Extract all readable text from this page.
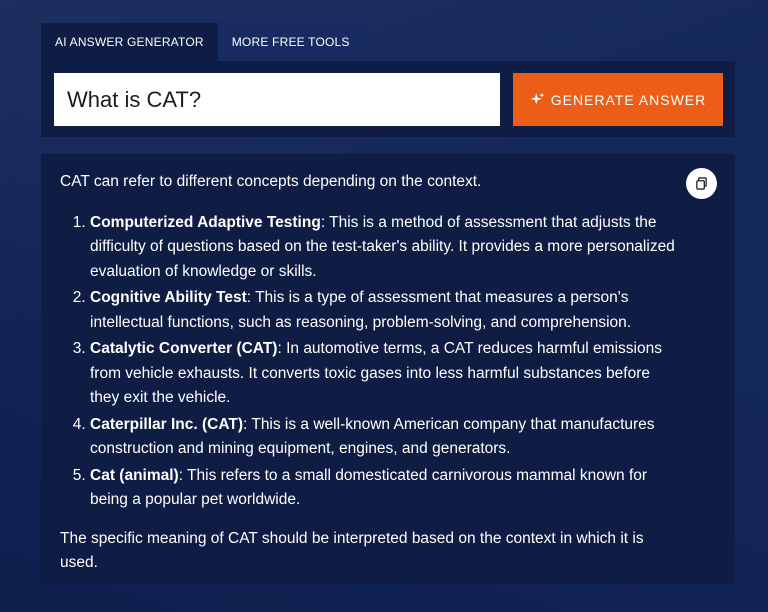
AI ANSWER GENERATOR	MORE FREE TOOLS
What is CAT?
GENERATE ANSWER

CAT can refer to different concepts depending on the context.

1. Computerized Adaptive Testing: This is a method of assessment that adjusts the difficulty of questions based on the test-taker's ability. It provides a more personalized evaluation of knowledge or skills.
2. Cognitive Ability Test: This is a type of assessment that measures a person's intellectual functions, such as reasoning, problem-solving, and comprehension.
3. Catalytic Converter (CAT): In automotive terms, a CAT reduces harmful emissions from vehicle exhausts. It converts toxic gases into less harmful substances before they exit the vehicle.
4. Caterpillar Inc. (CAT): This is a well-known American company that manufactures construction and mining equipment, engines, and generators.
5. Cat (animal): This refers to a small domesticated carnivorous mammal known for being a popular pet worldwide.

The specific meaning of CAT should be interpreted based on the context in which it is used.
